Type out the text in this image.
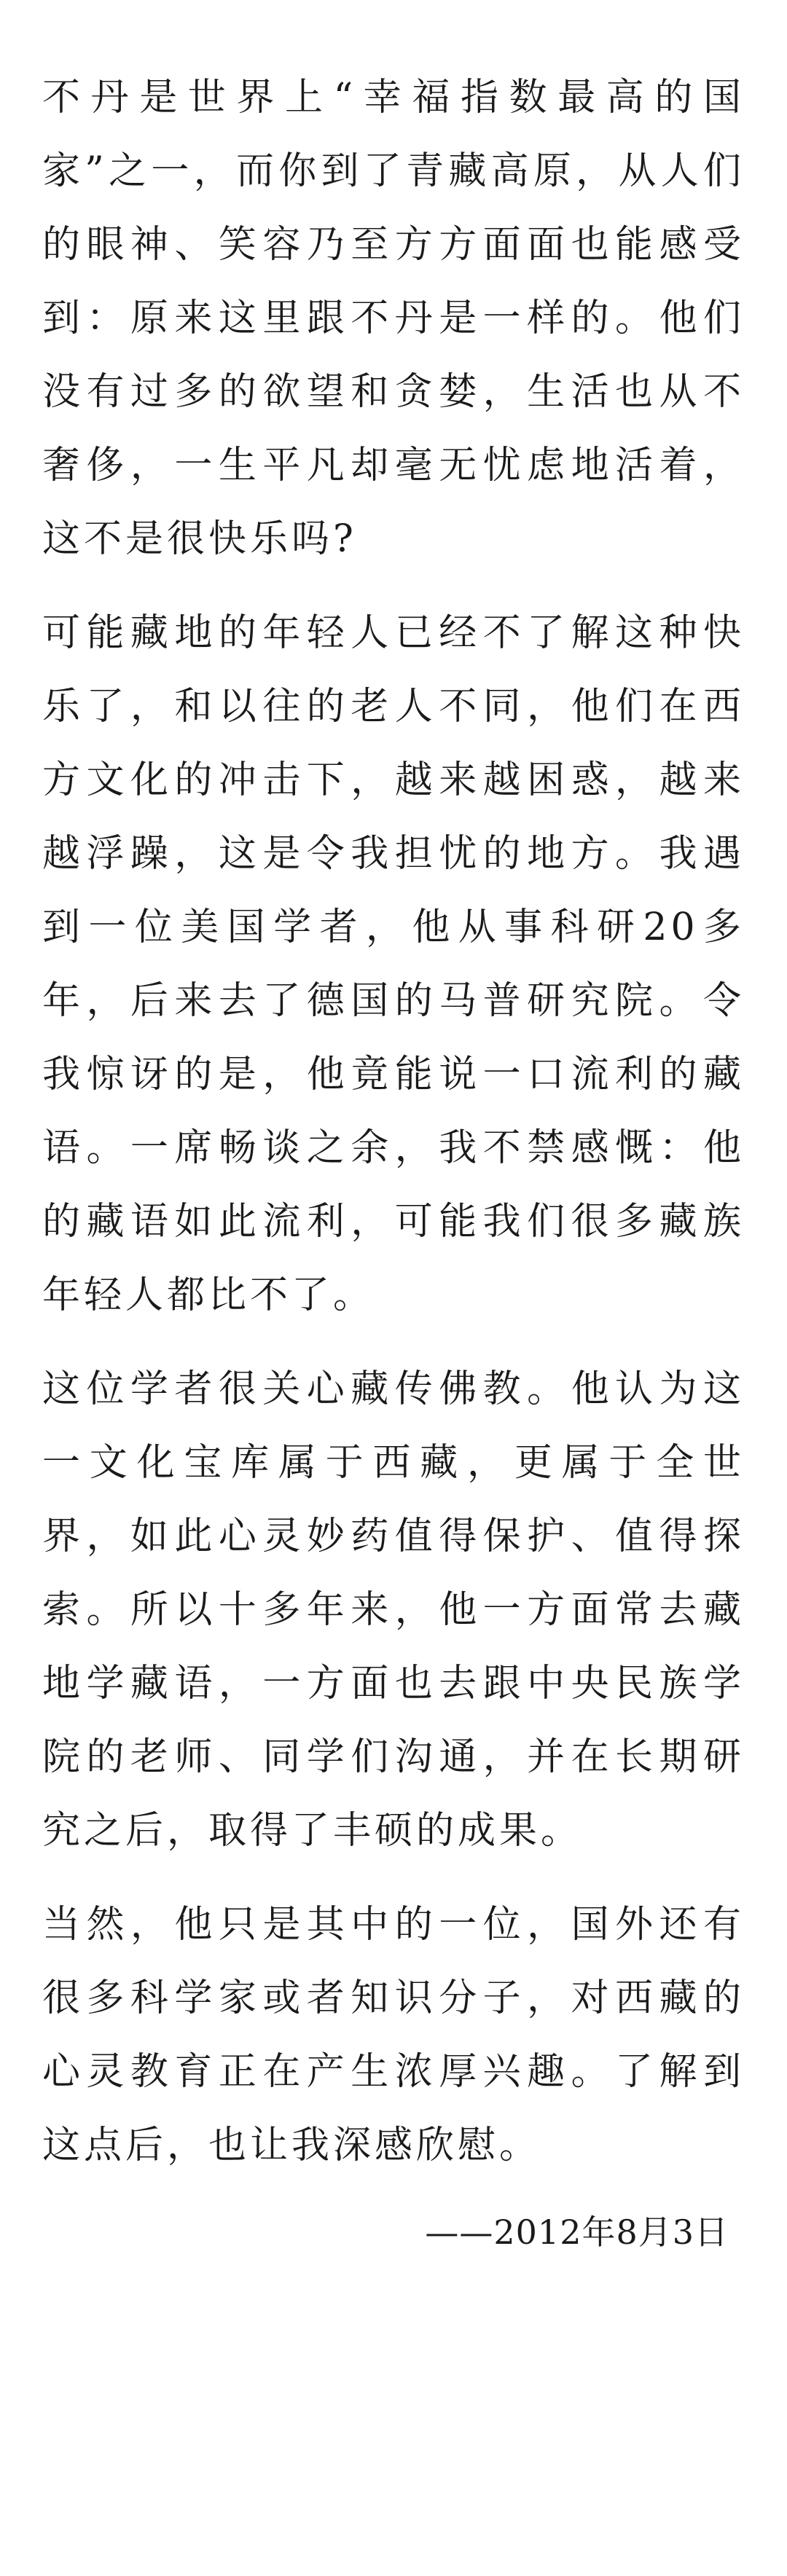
不丹是世界上“幸福指数最高的国家”之一，而你到了青藏高原，从人们的眼神、笑容乃至方方面面也能感受到：原来这里跟不丹是一样的。他们没有过多的欲望和贪婪，生活也从不奢侈，一生平凡却毫无忧虑地活着，这不是很快乐吗?

可能藏地的年轻人已经不了解这种快乐了，和以往的老人不同，他们在西方文化的冲击下，越来越困惑，越来越浮躁，这是令我担忧的地方。我遇到一位美国学者，他从事科研20多年，后来去了德国的马普研究院。令我惊讶的是，他竟能说一口流利的藏语。一席畅谈之余，我不禁感慨：他的藏语如此流利，可能我们很多藏族年轻人都比不了。

这位学者很关心藏传佛教。他认为这一文化宝库属于西藏，更属于全世界，如此心灵妙药值得保护、值得探索。所以十多年来，他一方面常去藏地学藏语，一方面也去跟中央民族学院的老师、同学们沟通，并在长期研究之后，取得了丰硕的成果。

当然，他只是其中的一位，国外还有很多科学家或者知识分子，对西藏的心灵教育正在产生浓厚兴趣。了解到这点后，也让我深感欣慰。

——2012年8月3日
